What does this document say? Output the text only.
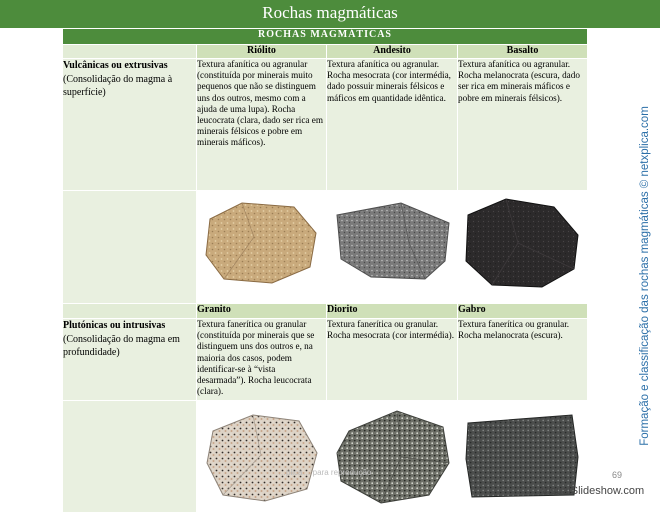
Rochas magmáticas
ROCHAS MAGMÁTICAS			
	Riólito	Andesito	Basalto
Vulcânicas ou extrusivas
(Consolidação do magma à superfície)	Textura afanítica ou agranular (constituída por minerais muito pequenos que não se distinguem uns dos outros, mesmo com a ajuda de uma lupa). Rocha leucocrata (clara, dado ser rica em minerais félsicos e pobre em minerais máficos).	Textura afanítica ou agranular. Rocha mesocrata (cor intermédia, dado possuir minerais félsicos e máficos em quantidade idêntica.	Textura afanítica ou agranular. Rocha melanocrata (escura, dado ser rica em minerais máficos e pobre em minerais félsicos).

	Granito	Diorito	Gabro
Plutónicas ou intrusivas
(Consolidação do magma em profundidade)	Textura fanerítica ou granular (constituída por minerais que se distinguem uns dos outros e, na maioria dos casos, podem identificar-se à “vista desarmada”). Rocha leucocrata (clara).	Textura fanerítica ou granular. Rocha mesocrata (cor intermédia).	Textura fanerítica ou granular. Rocha melanocrata (escura).

		Formação e classificação das rochas magmáticas © netxplica.com
…plica… para reprodução	69
VisualSlideshow.com
